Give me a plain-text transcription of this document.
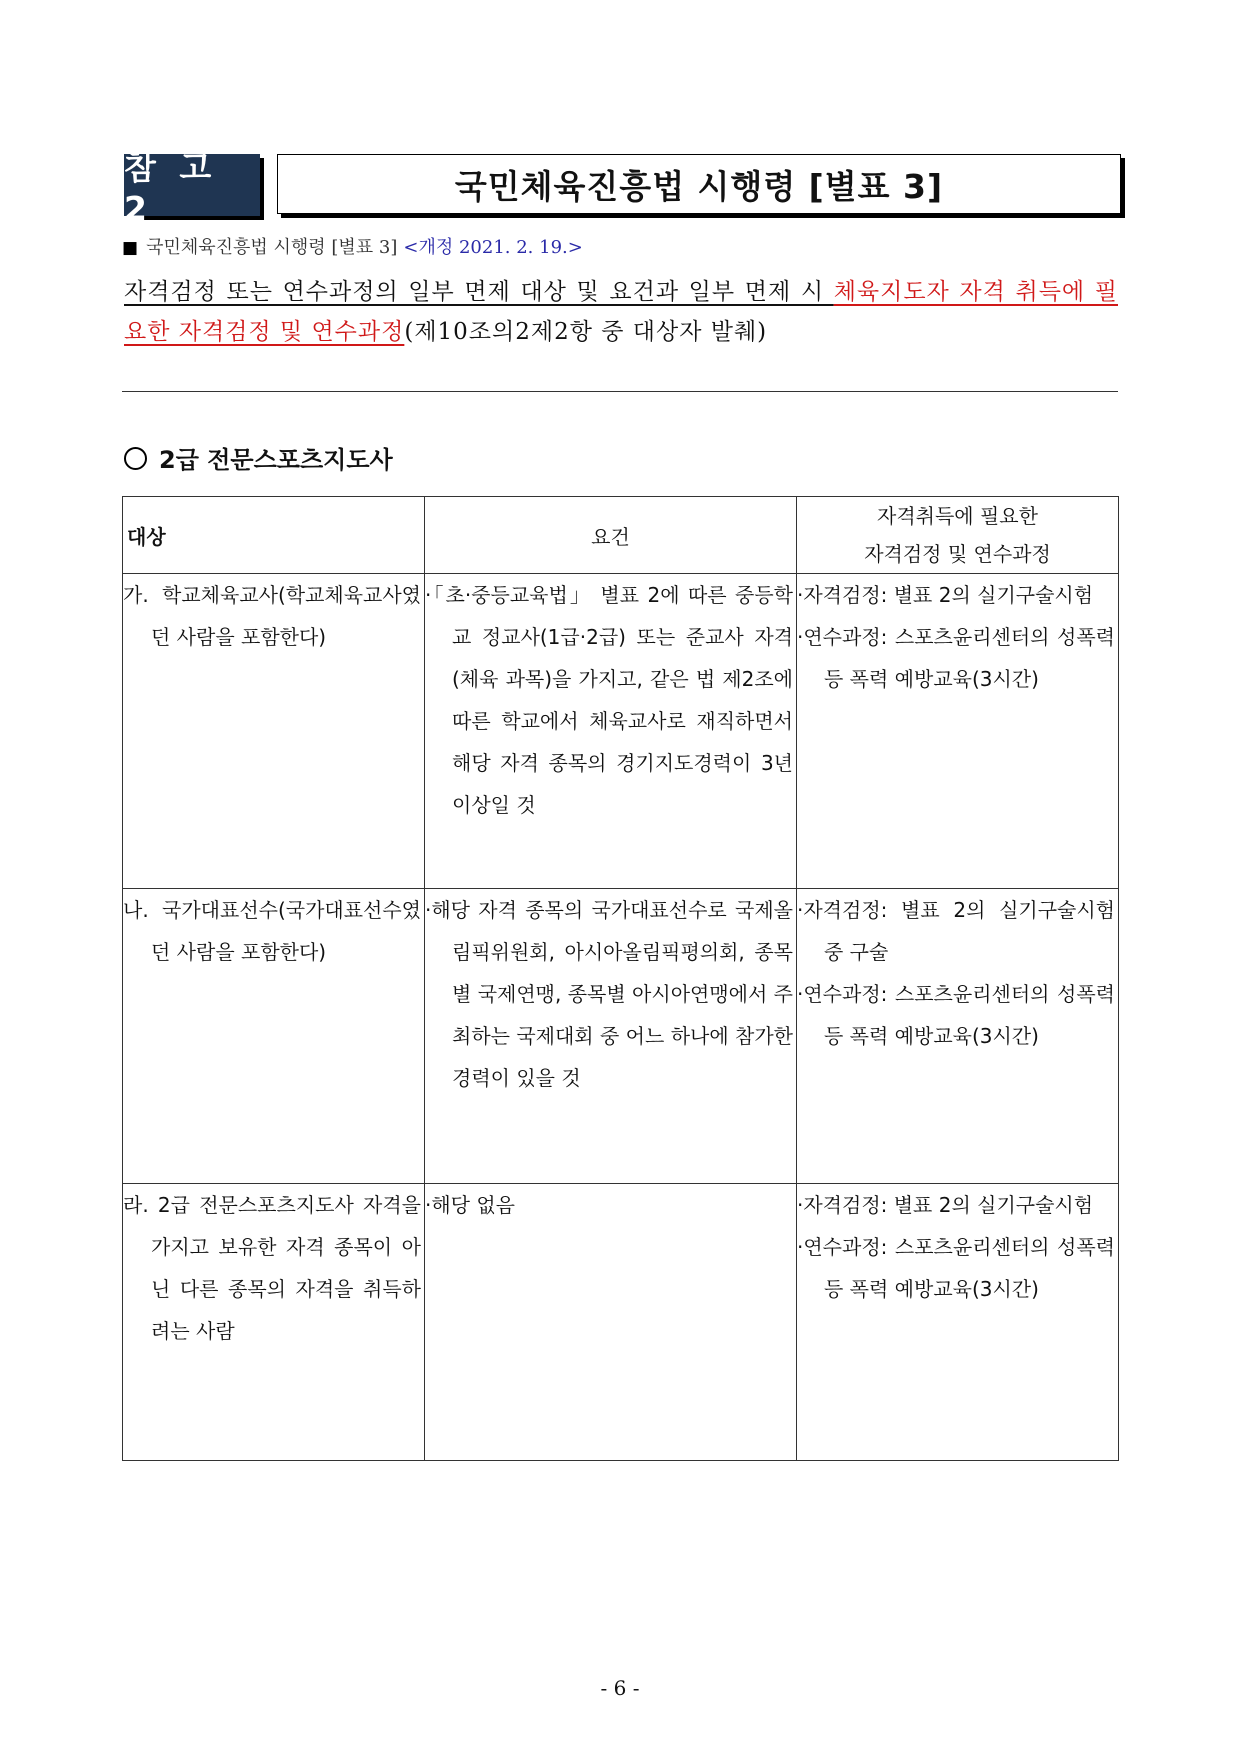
참 고 2
국민체육진흥법 시행령 [별표 3]
■ 국민체육진흥법 시행령 [별표 3] <개정 2021. 2. 19.>
자격검정 또는 연수과정의 일부 면제 대상 및 요건과 일부 면제 시 체육지도자 자격 취득에 필요한 자격검정 및 연수과정(제10조의2제2항 중 대상자 발췌)
2급 전문스포츠지도사
대상	요건	자격취득에 필요한
자격검정 및 연수과정

가. 학교체육교사(학교체육교사였던 사람을 포함한다)	·「초·중등교육법」 별표 2에 따른 중등학교 정교사(1급·2급) 또는 준교사 자격(체육 과목)을 가지고, 같은 법 제2조에 따른 학교에서 체육교사로 재직하면서 해당 자격 종목의 경기지도경력이 3년 이상일 것	·자격검정: 별표 2의 실기구술시험
·연수과정: 스포츠윤리센터의 성폭력 등 폭력 예방교육(3시간)

나. 국가대표선수(국가대표선수였던 사람을 포함한다)	·해당 자격 종목의 국가대표선수로 국제올림픽위원회, 아시아올림픽평의회, 종목별 국제연맹, 종목별 아시아연맹에서 주최하는 국제대회 중 어느 하나에 참가한 경력이 있을 것	·자격검정: 별표 2의 실기구술시험 중 구술
·연수과정: 스포츠윤리센터의 성폭력 등 폭력 예방교육(3시간)

라. 2급 전문스포츠지도사 자격을 가지고 보유한 자격 종목이 아닌 다른 종목의 자격을 취득하려는 사람	·해당 없음	·자격검정: 별표 2의 실기구술시험
·연수과정: 스포츠윤리센터의 성폭력 등 폭력 예방교육(3시간)
- 6 -
